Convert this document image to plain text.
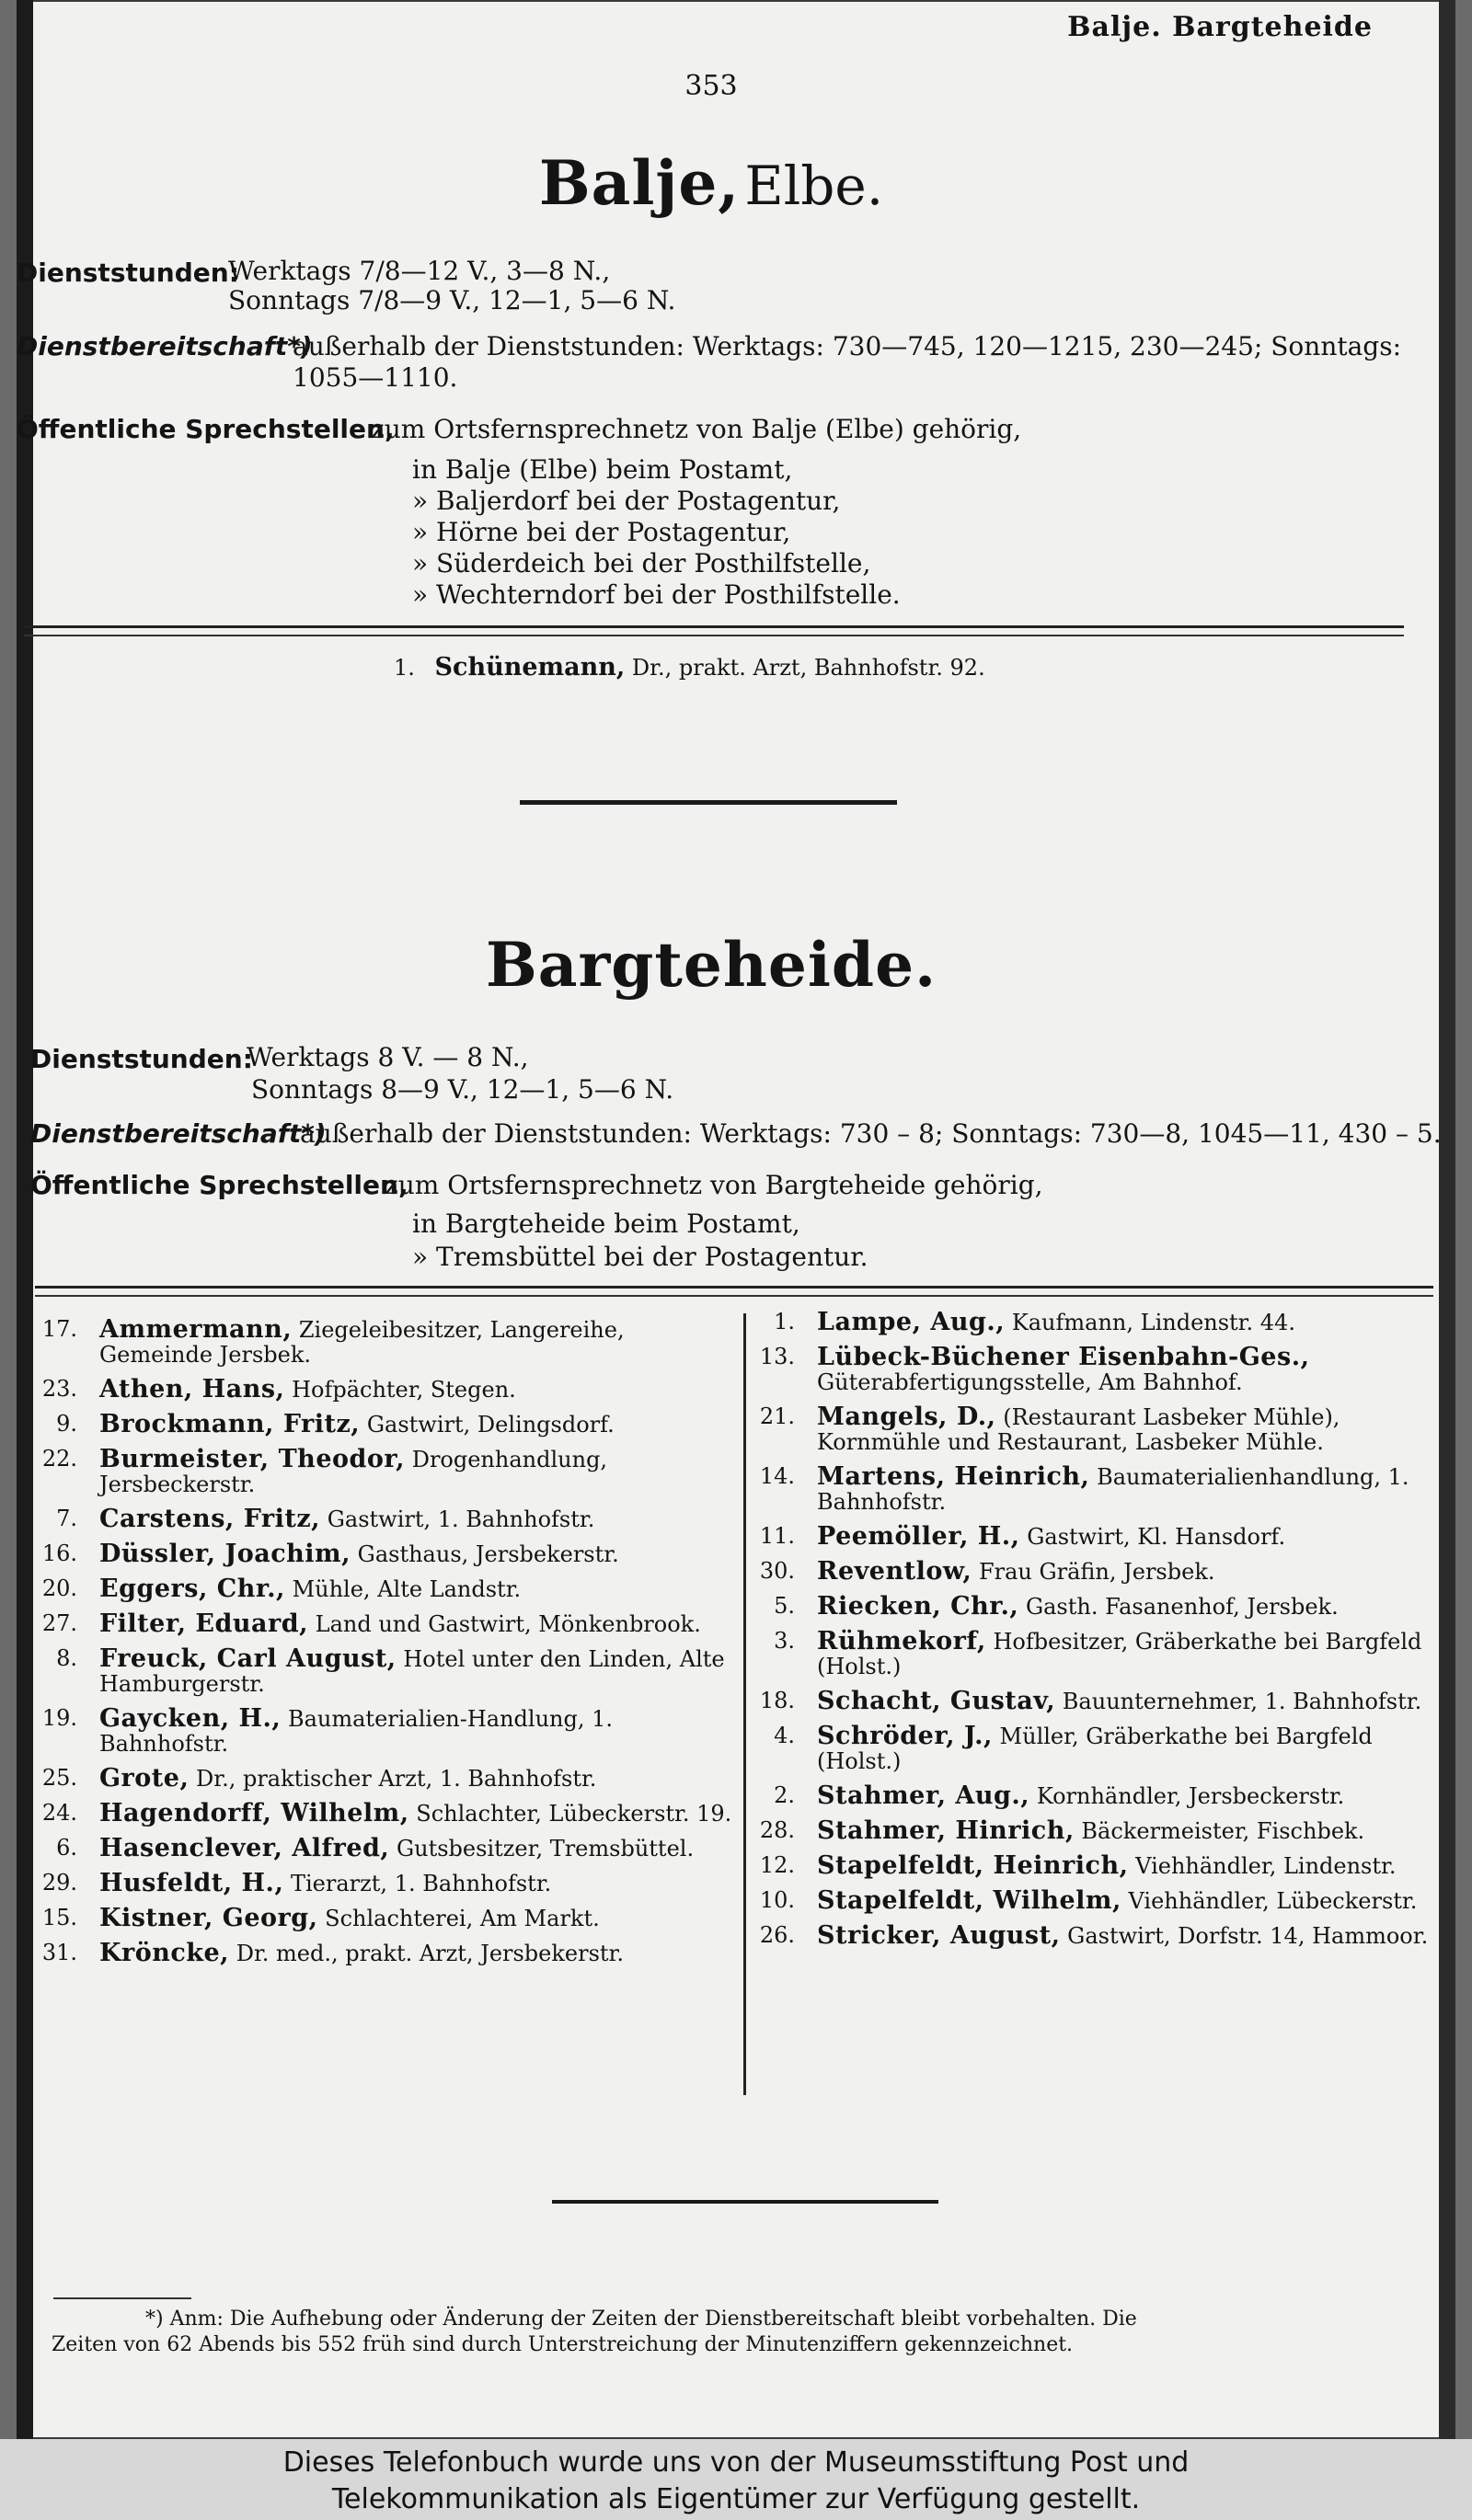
Balje. Bargteheide
353
Balje, Elbe.
Dienststunden:
Werktags 7/8—12 V., 3—8 N.,
Sonntags 7/8—9 V., 12—1, 5—6 N.
Dienstbereitschaft*)
außerhalb der Dienststunden: Werktags: 730—745, 120—1215, 230—245; Sonntags: 1055—1110.
Öffentliche Sprechstellen,
zum Ortsfernsprechnetz von Balje (Elbe) gehörig,
in Balje (Elbe) beim Postamt,
» Baljerdorf bei der Postagentur,
» Hörne bei der Postagentur,
» Süderdeich bei der Posthilfstelle,
» Wechterndorf bei der Posthilfstelle.
1. Schünemann, Dr., prakt. Arzt, Bahnhofstr. 92.
Bargteheide.
Dienststunden:
Werktags 8 V. — 8 N.,
Sonntags 8—9 V., 12—1, 5—6 N.
Dienstbereitschaft*)
außerhalb der Dienststunden: Werktags: 730 – 8; Sonntags: 730—8, 1045—11, 430 – 5.
Öffentliche Sprechstellen,
zum Ortsfernsprechnetz von Bargteheide gehörig,
in Bargteheide beim Postamt,
» Tremsbüttel bei der Postagentur.
17. Ammermann, Ziegeleibesitzer, Langereihe, Gemeinde Jersbek.
23. Athen, Hans, Hofpächter, Stegen.
9. Brockmann, Fritz, Gastwirt, Delingsdorf.
22. Burmeister, Theodor, Drogenhandlung, Jersbeckerstr.
7. Carstens, Fritz, Gastwirt, 1. Bahnhofstr.
16. Düssler, Joachim, Gasthaus, Jersbekerstr.
20. Eggers, Chr., Mühle, Alte Landstr.
27. Filter, Eduard, Land und Gastwirt, Mönkenbrook.
8. Freuck, Carl August, Hotel unter den Linden, Alte Hamburgerstr.
19. Gaycken, H., Baumaterialien-Handlung, 1. Bahnhofstr.
25. Grote, Dr., praktischer Arzt, 1. Bahnhofstr.
24. Hagendorff, Wilhelm, Schlachter, Lübeckerstr. 19.
6. Hasenclever, Alfred, Gutsbesitzer, Tremsbüttel.
29. Husfeldt, H., Tierarzt, 1. Bahnhofstr.
15. Kistner, Georg, Schlachterei, Am Markt.
31. Kröncke, Dr. med., prakt. Arzt, Jersbekerstr.
1. Lampe, Aug., Kaufmann, Lindenstr. 44.
13. Lübeck-Büchener Eisenbahn-Ges., Güterabfertigungsstelle, Am Bahnhof.
21. Mangels, D., (Restaurant Lasbeker Mühle), Kornmühle und Restaurant, Lasbeker Mühle.
14. Martens, Heinrich, Baumaterialienhandlung, 1. Bahnhofstr.
11. Peemöller, H., Gastwirt, Kl. Hansdorf.
30. Reventlow, Frau Gräfin, Jersbek.
5. Riecken, Chr., Gasth. Fasanenhof, Jersbek.
3. Rühmekorf, Hofbesitzer, Gräberkathe bei Bargfeld (Holst.)
18. Schacht, Gustav, Bauunternehmer, 1. Bahnhofstr.
4. Schröder, J., Müller, Gräberkathe bei Bargfeld (Holst.)
2. Stahmer, Aug., Kornhändler, Jersbeckerstr.
28. Stahmer, Hinrich, Bäckermeister, Fischbek.
12. Stapelfeldt, Heinrich, Viehhändler, Lindenstr.
10. Stapelfeldt, Wilhelm, Viehhändler, Lübeckerstr.
26. Stricker, August, Gastwirt, Dorfstr. 14, Hammoor.
*) Anm: Die Aufhebung oder Änderung der Zeiten der Dienstbereitschaft bleibt vorbehalten. Die
Zeiten von 62 Abends bis 552 früh sind durch Unterstreichung der Minutenziffern gekennzeichnet.
Dieses Telefonbuch wurde uns von der Museumsstiftung Post und
Telekommunikation als Eigentümer zur Verfügung gestellt.
